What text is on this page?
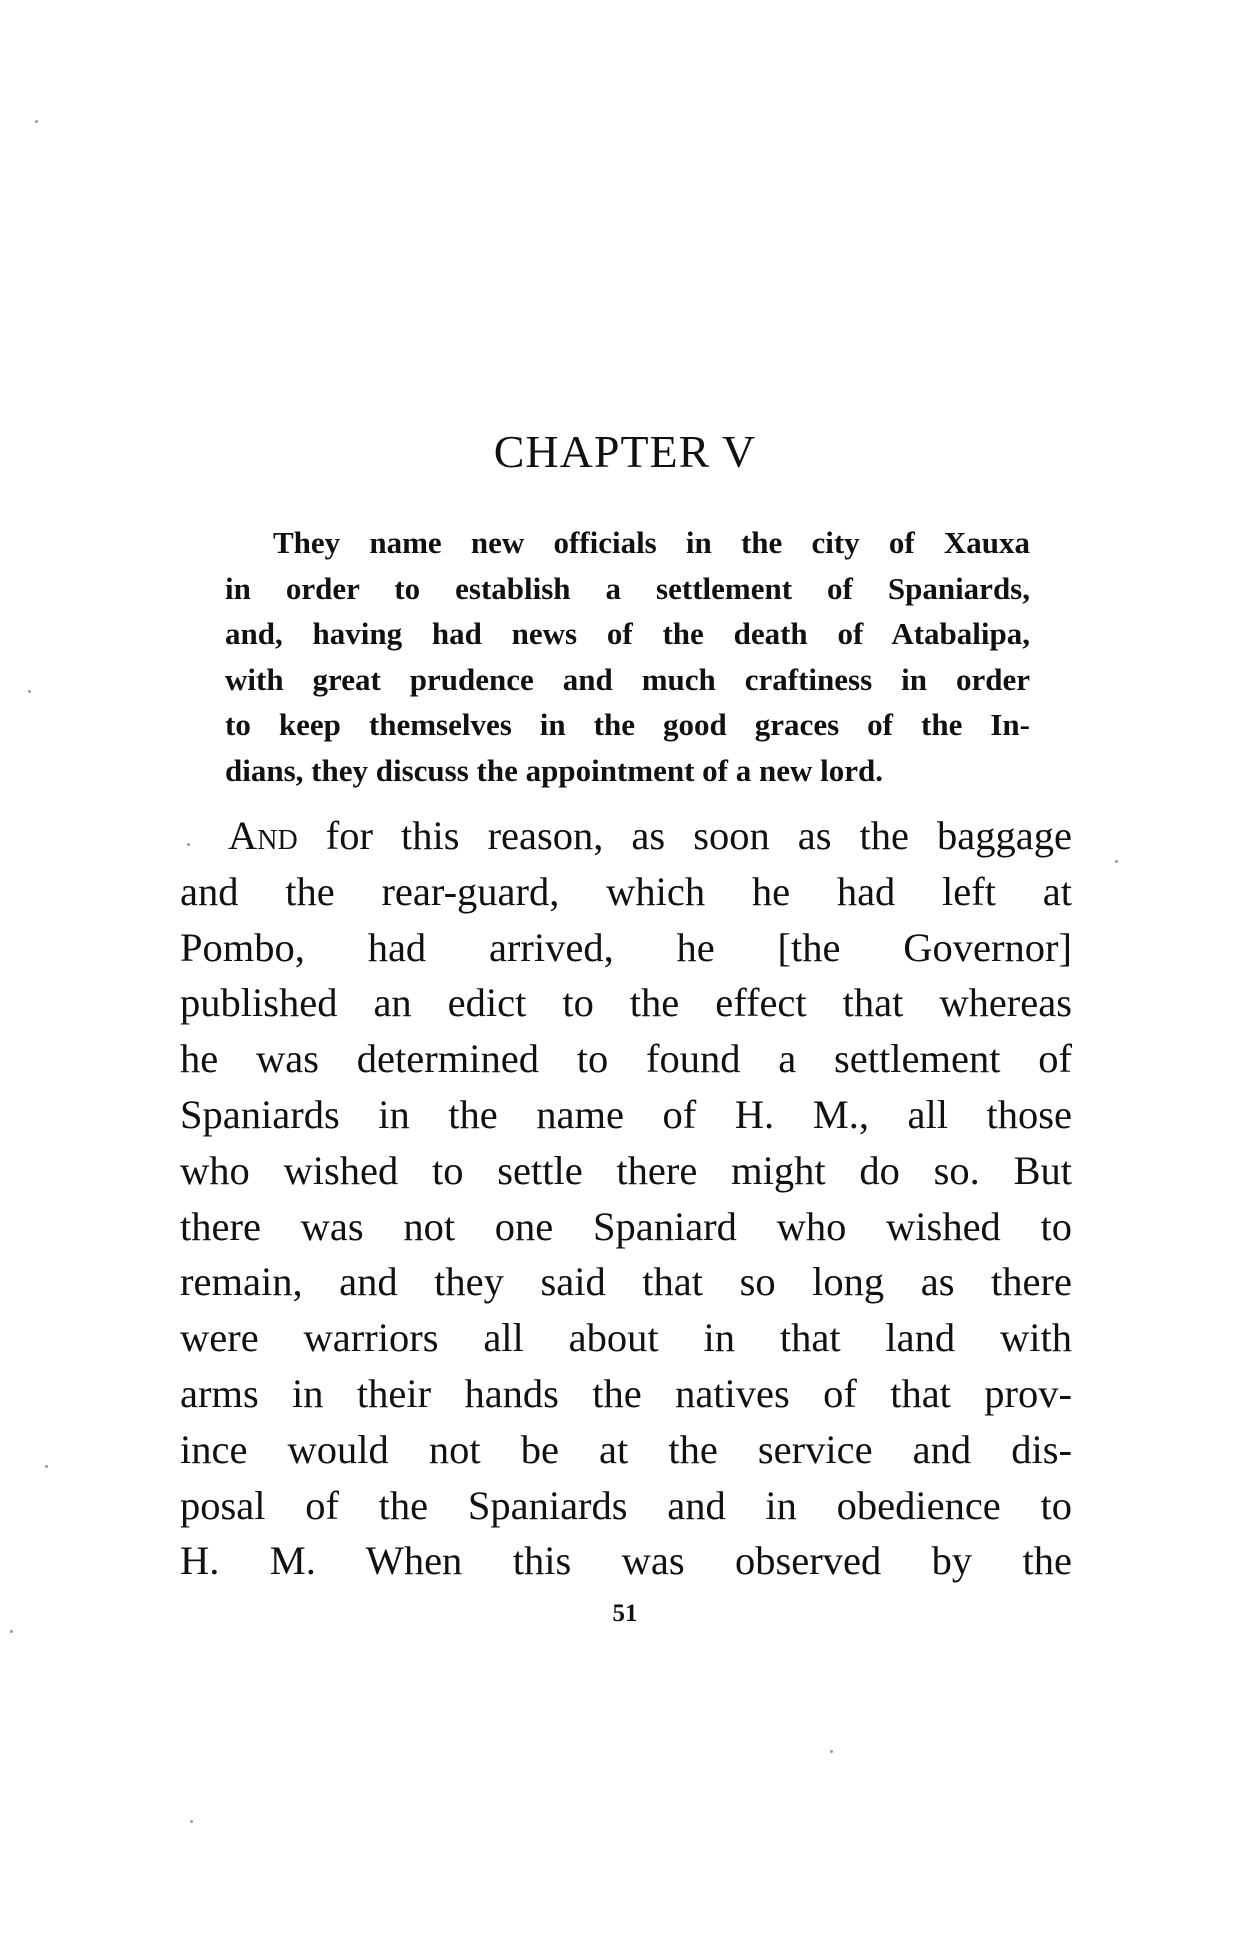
CHAPTER V
They name new officials in the city of Xauxa
in order to establish a settlement of Spaniards,
and, having had news of the death of Atabalipa,
with great prudence and much craftiness in order
to keep themselves in the good graces of the In-
dians, they discuss the appointment of a new lord.
And for this reason, as soon as the baggage
and the rear-guard, which he had left at
Pombo, had arrived, he [the Governor]
published an edict to the effect that whereas
he was determined to found a settlement of
Spaniards in the name of H. M., all those
who wished to settle there might do so. But
there was not one Spaniard who wished to
remain, and they said that so long as there
were warriors all about in that land with
arms in their hands the natives of that prov-
ince would not be at the service and dis-
posal of the Spaniards and in obedience to
H. M. When this was observed by the
51
